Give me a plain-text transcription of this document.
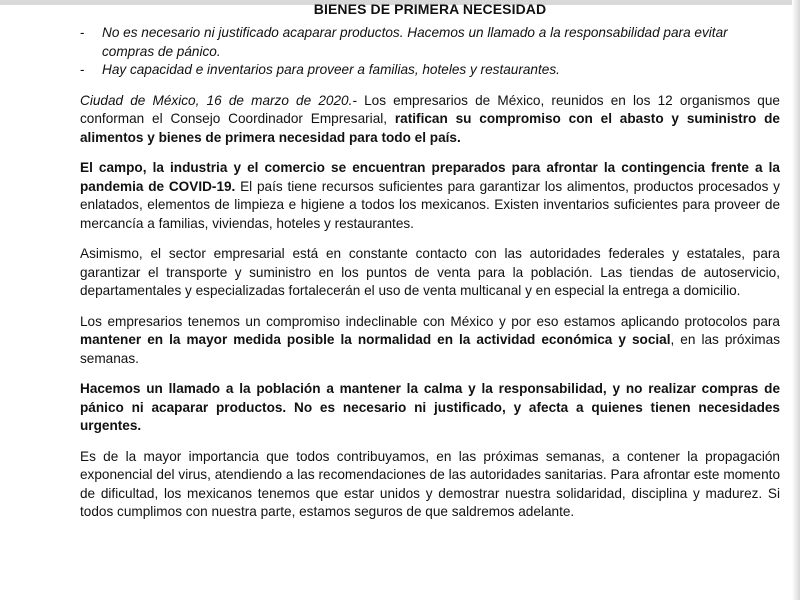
BIENES DE PRIMERA NECESIDAD
- No es necesario ni justificado acaparar productos. Hacemos un llamado a la responsabilidad para evitar compras de pánico.
- Hay capacidad e inventarios para proveer a familias, hoteles y restaurantes.

Ciudad de México, 16 de marzo de 2020.- Los empresarios de México, reunidos en los 12 organismos que conforman el Consejo Coordinador Empresarial, ratifican su compromiso con el abasto y suministro de alimentos y bienes de primera necesidad para todo el país.

El campo, la industria y el comercio se encuentran preparados para afrontar la contingencia frente a la pandemia de COVID-19. El país tiene recursos suficientes para garantizar los alimentos, productos procesados y enlatados, elementos de limpieza e higiene a todos los mexicanos. Existen inventarios suficientes para proveer de mercancía a familias, viviendas, hoteles y restaurantes.

Asimismo, el sector empresarial está en constante contacto con las autoridades federales y estatales, para garantizar el transporte y suministro en los puntos de venta para la población. Las tiendas de autoservicio, departamentales y especializadas fortalecerán el uso de venta multicanal y en especial la entrega a domicilio.

Los empresarios tenemos un compromiso indeclinable con México y por eso estamos aplicando protocolos para mantener en la mayor medida posible la normalidad en la actividad económica y social, en las próximas semanas.

Hacemos un llamado a la población a mantener la calma y la responsabilidad, y no realizar compras de pánico ni acaparar productos. No es necesario ni justificado, y afecta a quienes tienen necesidades urgentes.

Es de la mayor importancia que todos contribuyamos, en las próximas semanas, a contener la propagación exponencial del virus, atendiendo a las recomendaciones de las autoridades sanitarias. Para afrontar este momento de dificultad, los mexicanos tenemos que estar unidos y demostrar nuestra solidaridad, disciplina y madurez. Si todos cumplimos con nuestra parte, estamos seguros de que saldremos adelante.
